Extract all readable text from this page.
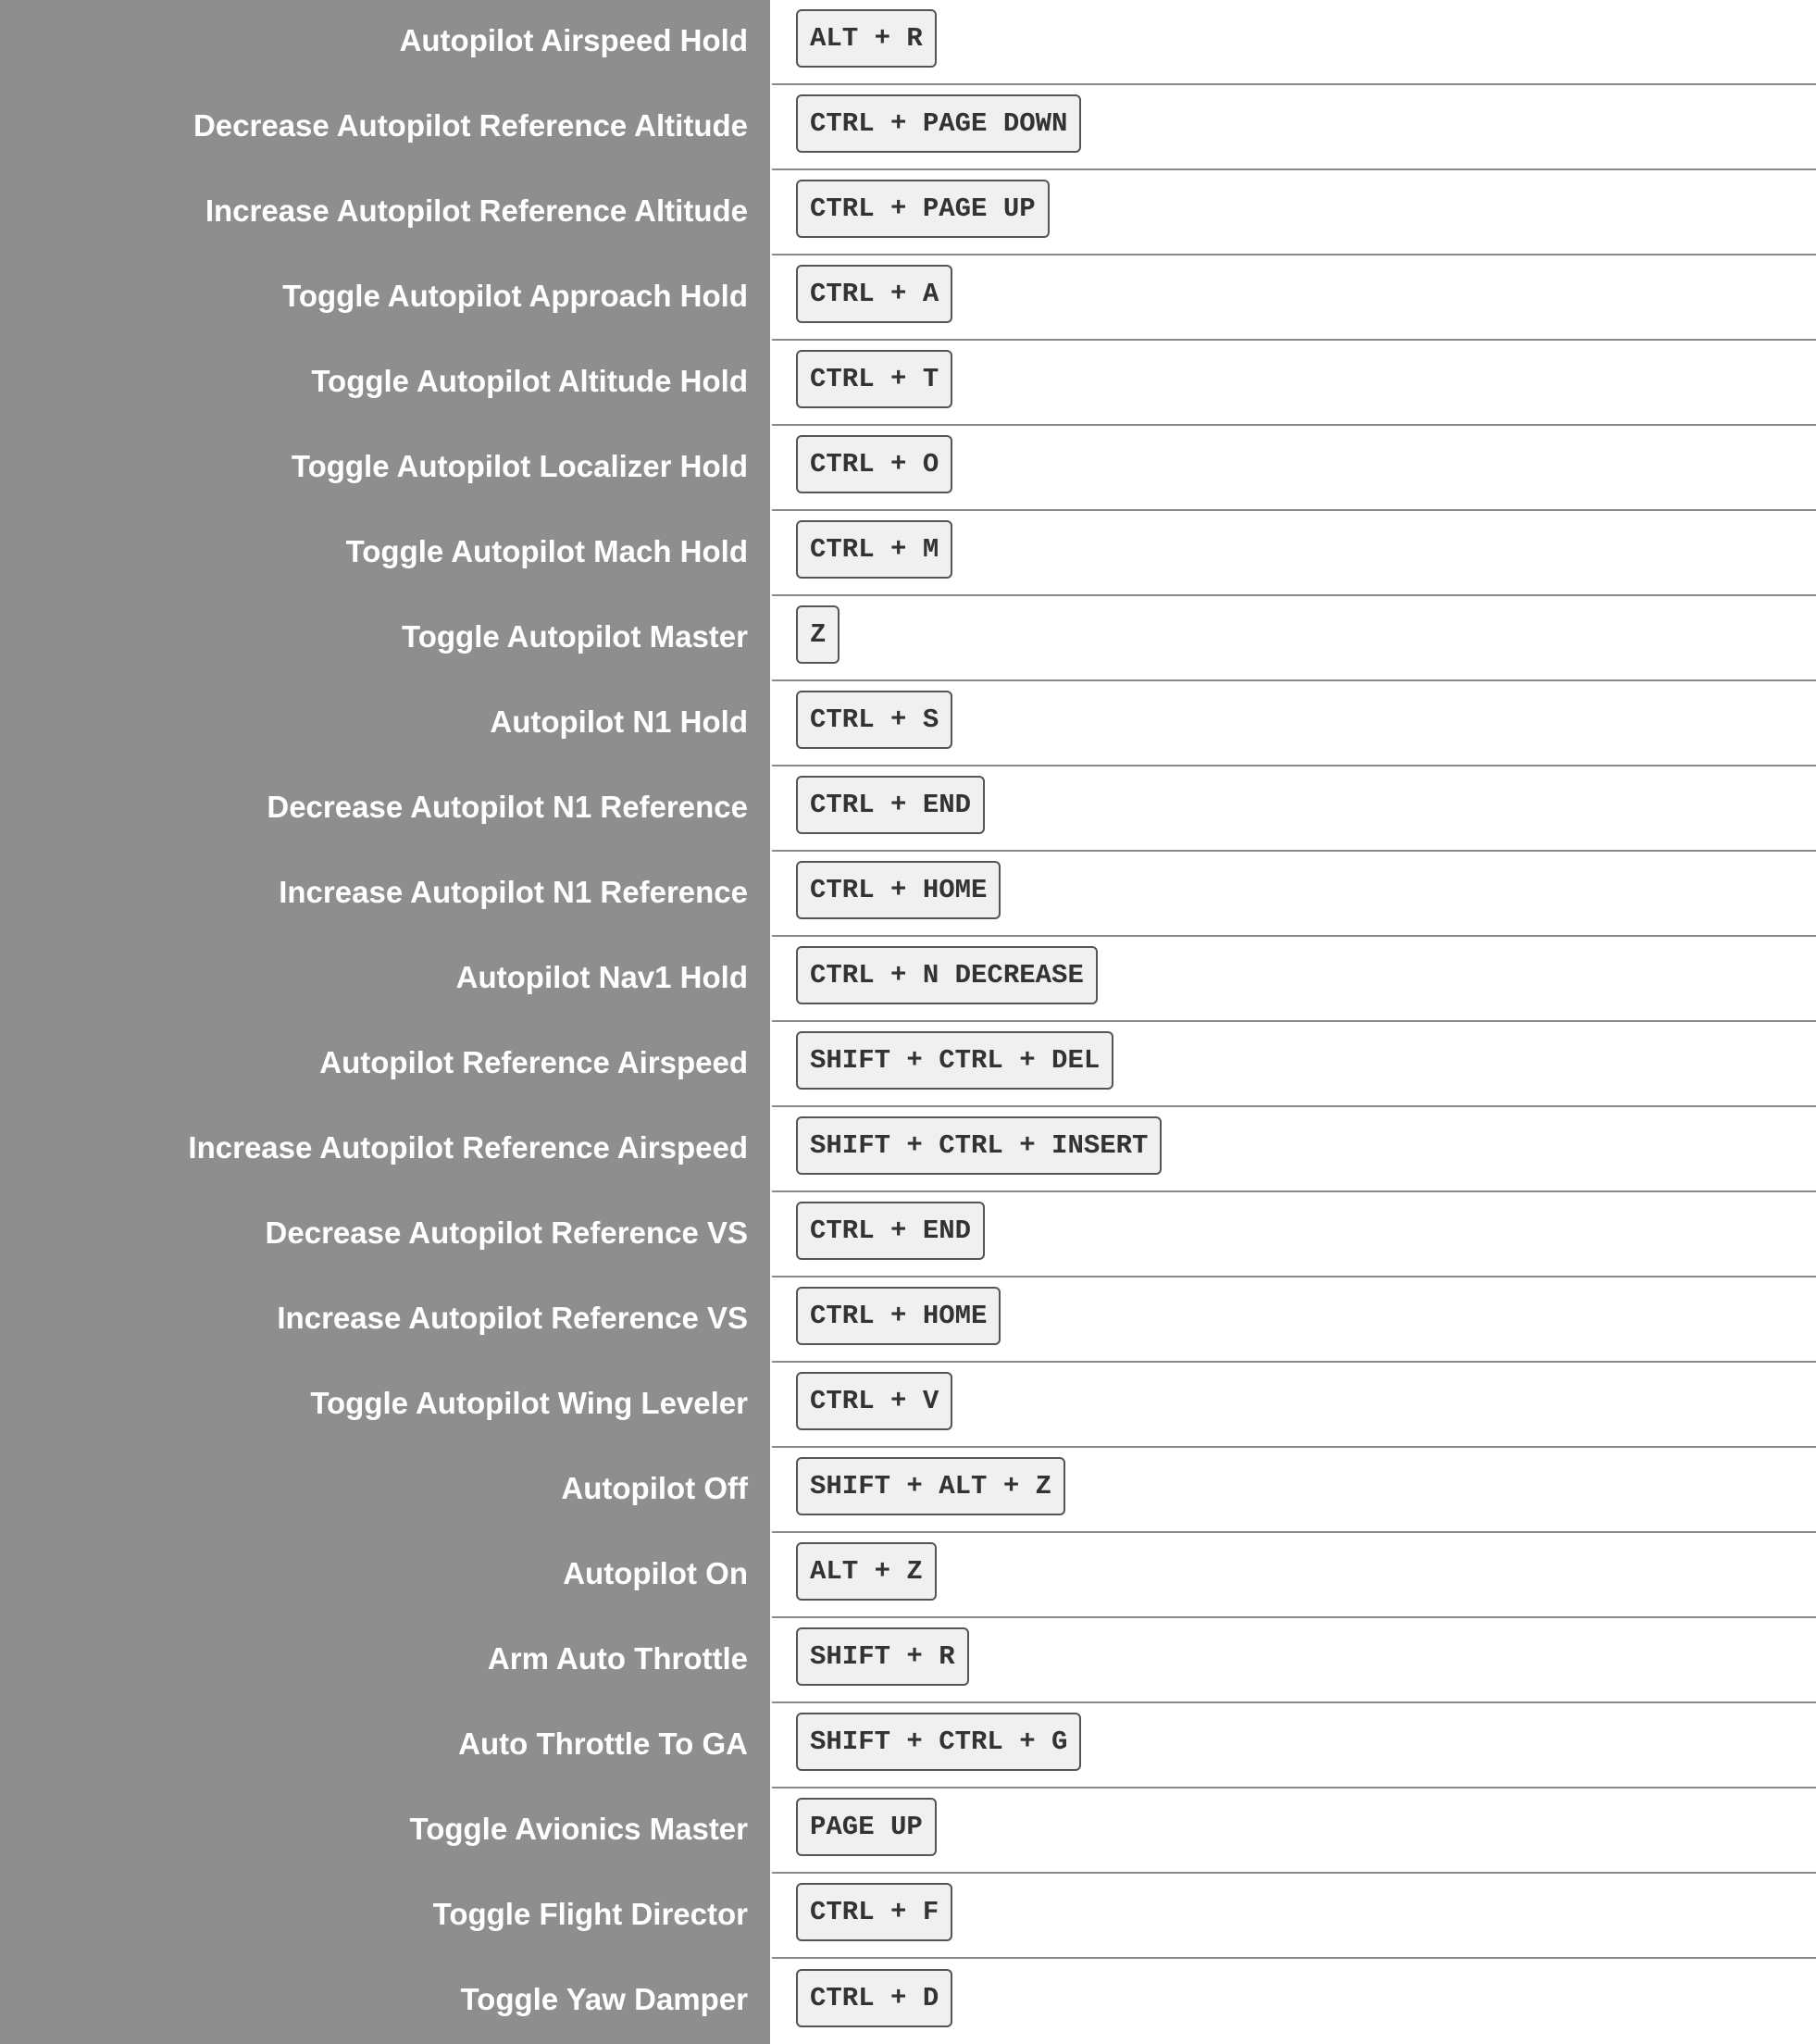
Autopilot Airspeed Hold	ALT + R
Decrease Autopilot Reference Altitude	CTRL + PAGE DOWN
Increase Autopilot Reference Altitude	CTRL + PAGE UP
Toggle Autopilot Approach Hold	CTRL + A
Toggle Autopilot Altitude Hold	CTRL + T
Toggle Autopilot Localizer Hold	CTRL + O
Toggle Autopilot Mach Hold	CTRL + M
Toggle Autopilot Master	Z
Autopilot N1 Hold	CTRL + S
Decrease Autopilot N1 Reference	CTRL + END
Increase Autopilot N1 Reference	CTRL + HOME
Autopilot Nav1 Hold	CTRL + N DECREASE
Autopilot Reference Airspeed	SHIFT + CTRL + DEL
Increase Autopilot Reference Airspeed	SHIFT + CTRL + INSERT
Decrease Autopilot Reference VS	CTRL + END
Increase Autopilot Reference VS	CTRL + HOME
Toggle Autopilot Wing Leveler	CTRL + V
Autopilot Off	SHIFT + ALT + Z
Autopilot On	ALT + Z
Arm Auto Throttle	SHIFT + R
Auto Throttle To GA	SHIFT + CTRL + G
Toggle Avionics Master	PAGE UP
Toggle Flight Director	CTRL + F
Toggle Yaw Damper	CTRL + D
